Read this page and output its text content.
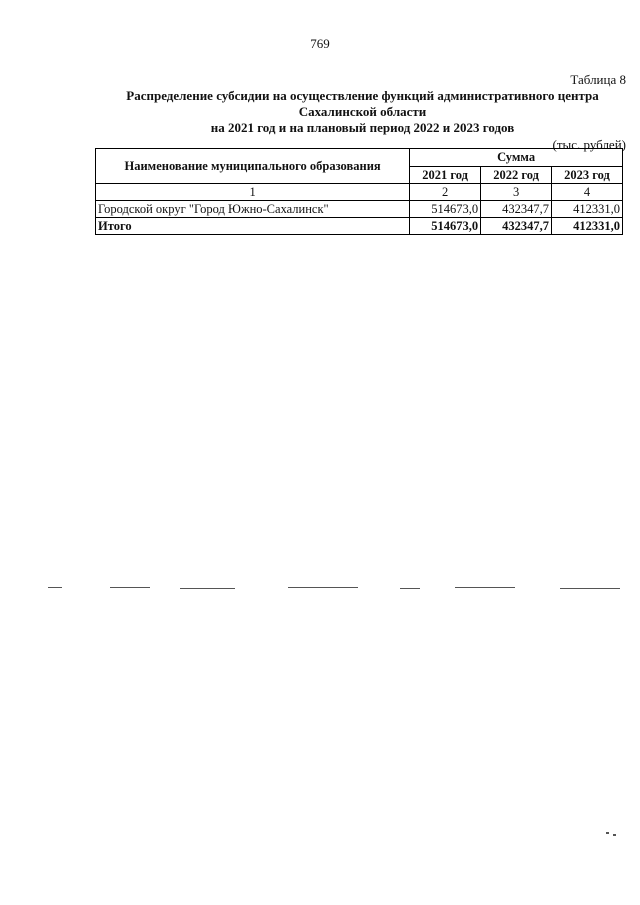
769
Таблица 8
Распределение субсидии на осуществление функций административного центра
Сахалинской области
на 2021 год и на плановый период 2022 и 2023 годов
(тыс. рублей)
Наименование муниципального образования	Сумма		
	2021 год	2022 год	2023 год
1	2	3	4
Городской округ "Город Южно-Сахалинск"	514673,0	432347,7	412331,0
Итого	514673,0	432347,7	412331,0
